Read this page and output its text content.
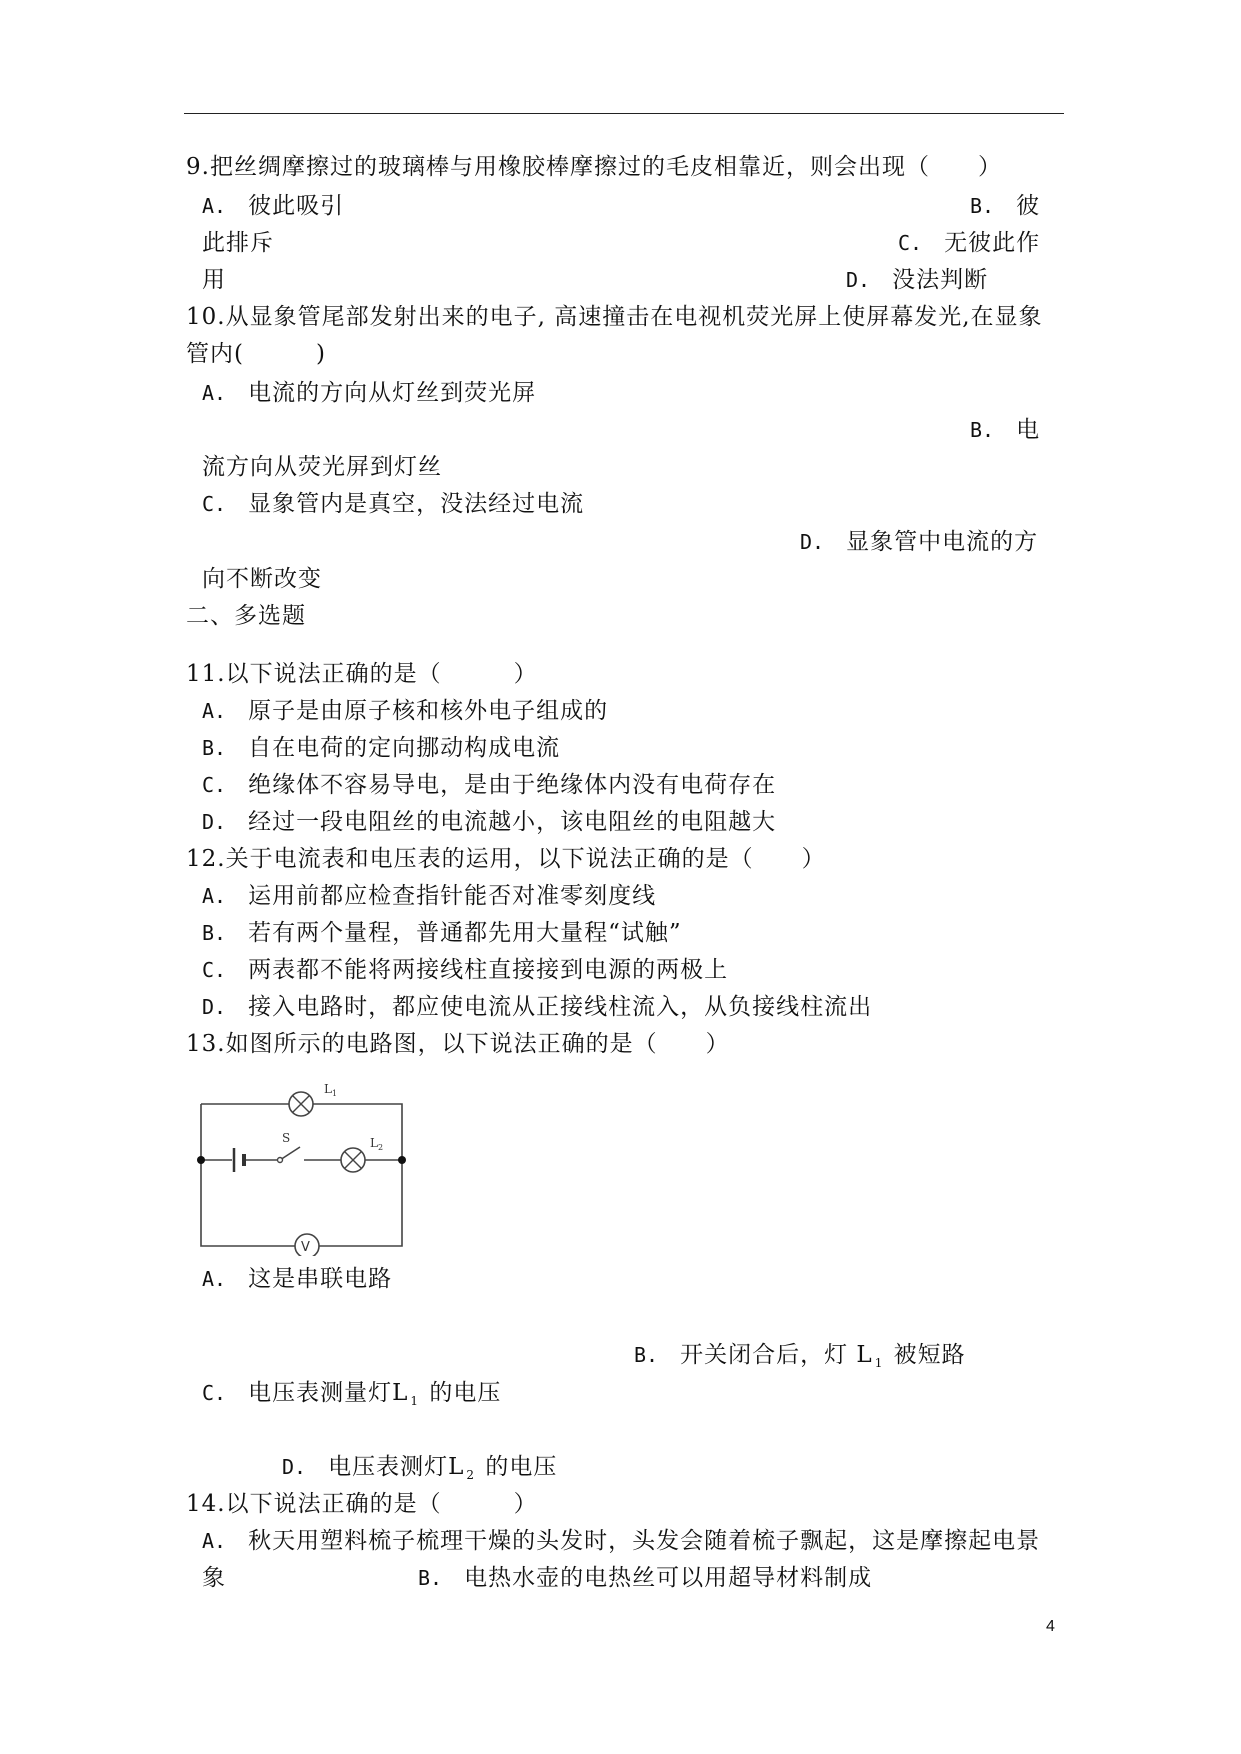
9.把丝绸摩擦过的玻璃棒与用橡胶棒摩擦过的毛皮相靠近，则会出现（　　）
A. 彼此吸引	B. 彼
此排斥	C. 无彼此作
用	D. 没法判断
10.从显象管尾部发射出来的电子, 高速撞击在电视机荧光屏上使屏幕发光,在显象
管内(　　　)
A. 电流的方向从灯丝到荧光屏
B. 电
流方向从荧光屏到灯丝
C. 显象管内是真空，没法经过电流
D. 显象管中电流的方
向不断改变
二、多选题
11.以下说法正确的是（　　　）
A. 原子是由原子核和核外电子组成的
B. 自在电荷的定向挪动构成电流
C. 绝缘体不容易导电，是由于绝缘体内没有电荷存在
D. 经过一段电阻丝的电流越小，该电阻丝的电阻越大
12.关于电流表和电压表的运用，以下说法正确的是（　　）
A. 运用前都应检查指针能否对准零刻度线
B. 若有两个量程，普通都先用大量程“试触”
C. 两表都不能将两接线柱直接接到电源的两极上
D. 接入电路时，都应使电流从正接线柱流入，从负接线柱流出
13.如图所示的电路图，以下说法正确的是（　　）
V
$L_1$
$L_2$
S
A. 这是串联电路
B. 开关闭合后，灯 L $_1$ 被短路
C. 电压表测量灯L $_1$ 的电压
D. 电压表测灯L $_2$ 的电压
14.以下说法正确的是（　　　）
A. 秋天用塑料梳子梳理干燥的头发时，头发会随着梳子飘起，这是摩擦起电景
象	B. 电热水壶的电热丝可以用超导材料制成
4
